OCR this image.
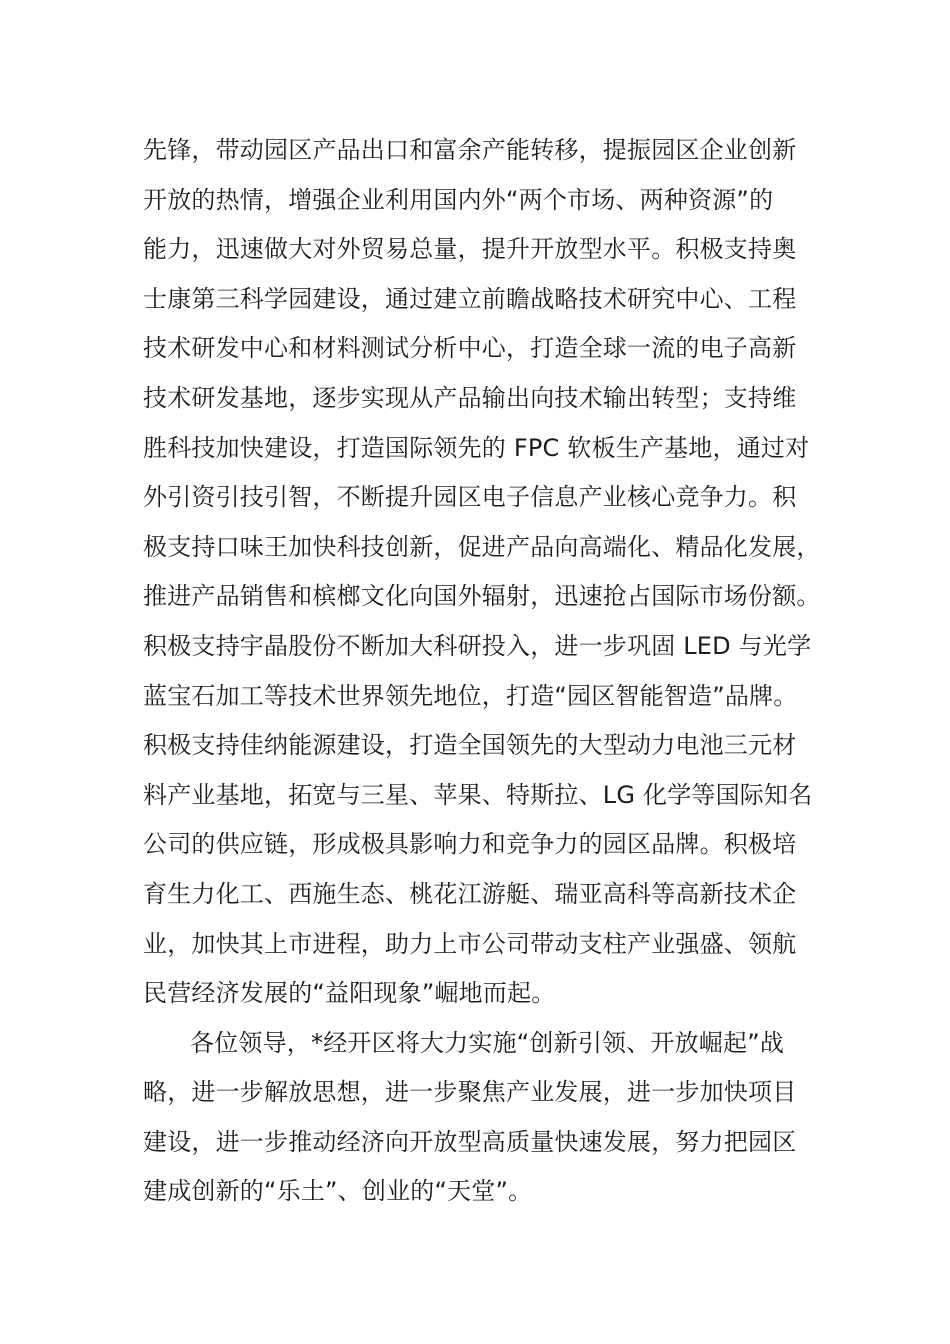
先锋，带动园区产品出口和富余产能转移，提振园区企业创新
开放的热情，增强企业利用国内外“两个市场、两种资源”的
能力，迅速做大对外贸易总量，提升开放型水平。积极支持奥
士康第三科学园建设，通过建立前瞻战略技术研究中心、工程
技术研发中心和材料测试分析中心，打造全球一流的电子高新
技术研发基地，逐步实现从产品输出向技术输出转型；支持维
胜科技加快建设，打造国际领先的 FPC 软板生产基地，通过对
外引资引技引智，不断提升园区电子信息产业核心竞争力。积
极支持口味王加快科技创新，促进产品向高端化、精品化发展，
推进产品销售和槟榔文化向国外辐射，迅速抢占国际市场份额。
积极支持宇晶股份不断加大科研投入，进一步巩固 LED 与光学
蓝宝石加工等技术世界领先地位，打造“园区智能智造”品牌。
积极支持佳纳能源建设，打造全国领先的大型动力电池三元材
料产业基地，拓宽与三星、苹果、特斯拉、LG 化学等国际知名
公司的供应链，形成极具影响力和竞争力的园区品牌。积极培
育生力化工、西施生态、桃花江游艇、瑞亚高科等高新技术企
业，加快其上市进程，助力上市公司带动支柱产业强盛、领航
民营经济发展的“益阳现象”崛地而起。
各位领导，*经开区将大力实施“创新引领、开放崛起”战
略，进一步解放思想，进一步聚焦产业发展，进一步加快项目
建设，进一步推动经济向开放型高质量快速发展，努力把园区
建成创新的“乐土”、创业的“天堂”。
